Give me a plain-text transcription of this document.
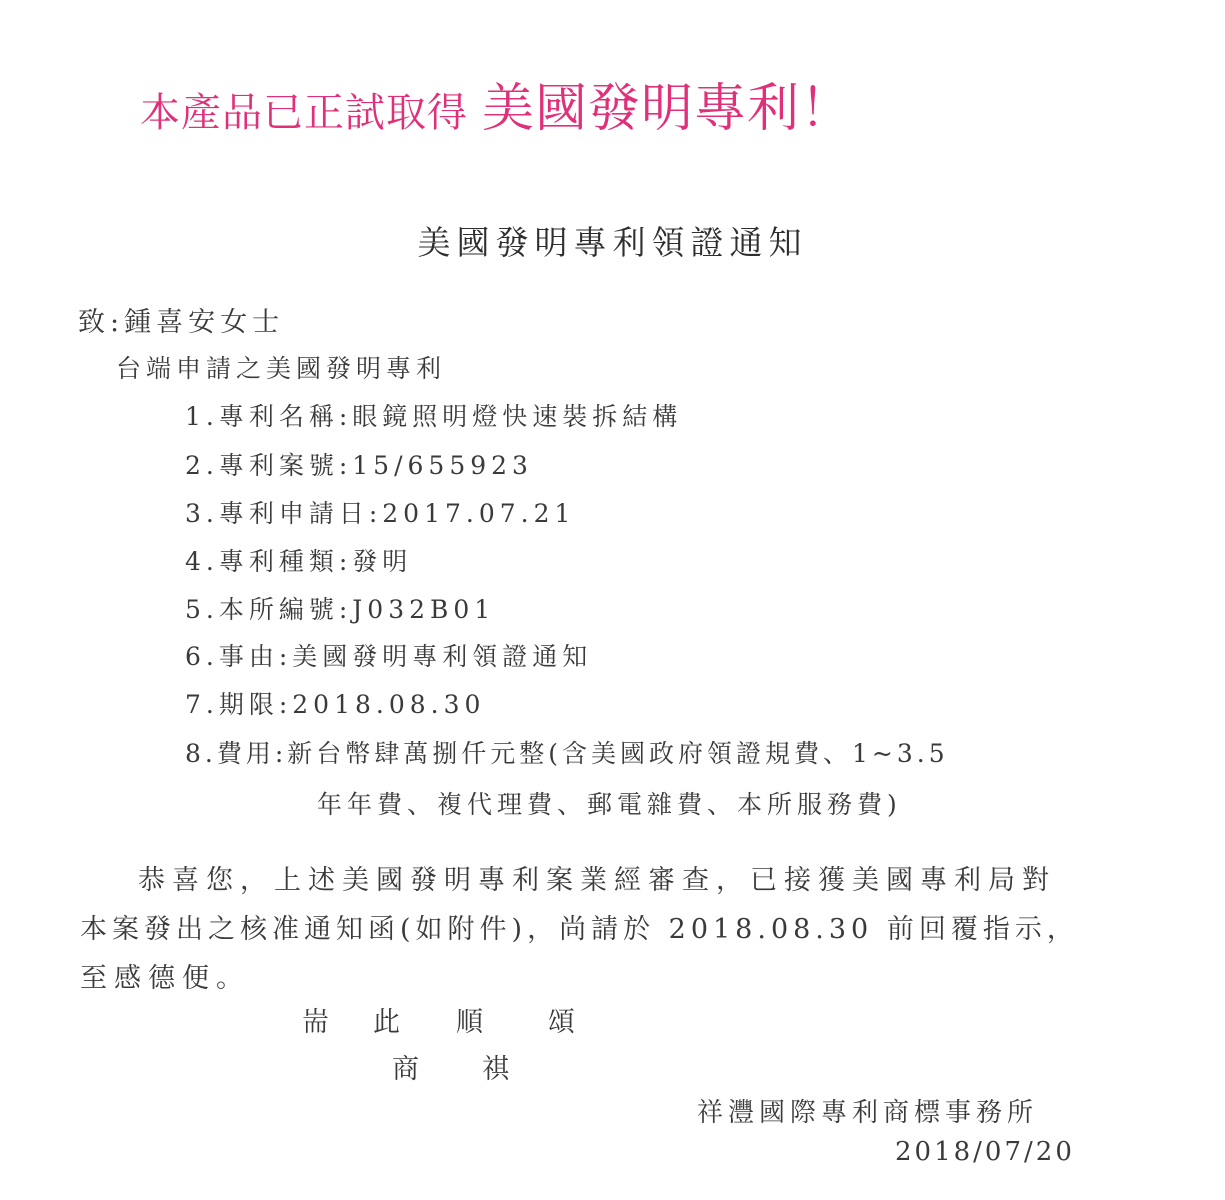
本產品已正試取得 美國發明專利！
美國發明專利領證通知
致:鍾喜安女士
台端申請之美國發明專利
1.專利名稱:眼鏡照明燈快速裝拆結構
2.專利案號:15/655923
3.專利申請日:2017.07.21
4.專利種類:發明
5.本所編號:J032B01
6.事由:美國發明專利領證通知
7.期限:2018.08.30
8.費用:新台幣肆萬捌仟元整(含美國政府領證規費、1~3.5
年年費、複代理費、郵電雜費、本所服務費)
恭喜您，上述美國發明專利案業經審查，已接獲美國專利局對
本案發出之核准通知函(如附件)，尚請於 2018.08.30 前回覆指示，
至感德便。
耑 此 順 頌
商 祺
祥灃國際專利商標事務所
2018/07/20
